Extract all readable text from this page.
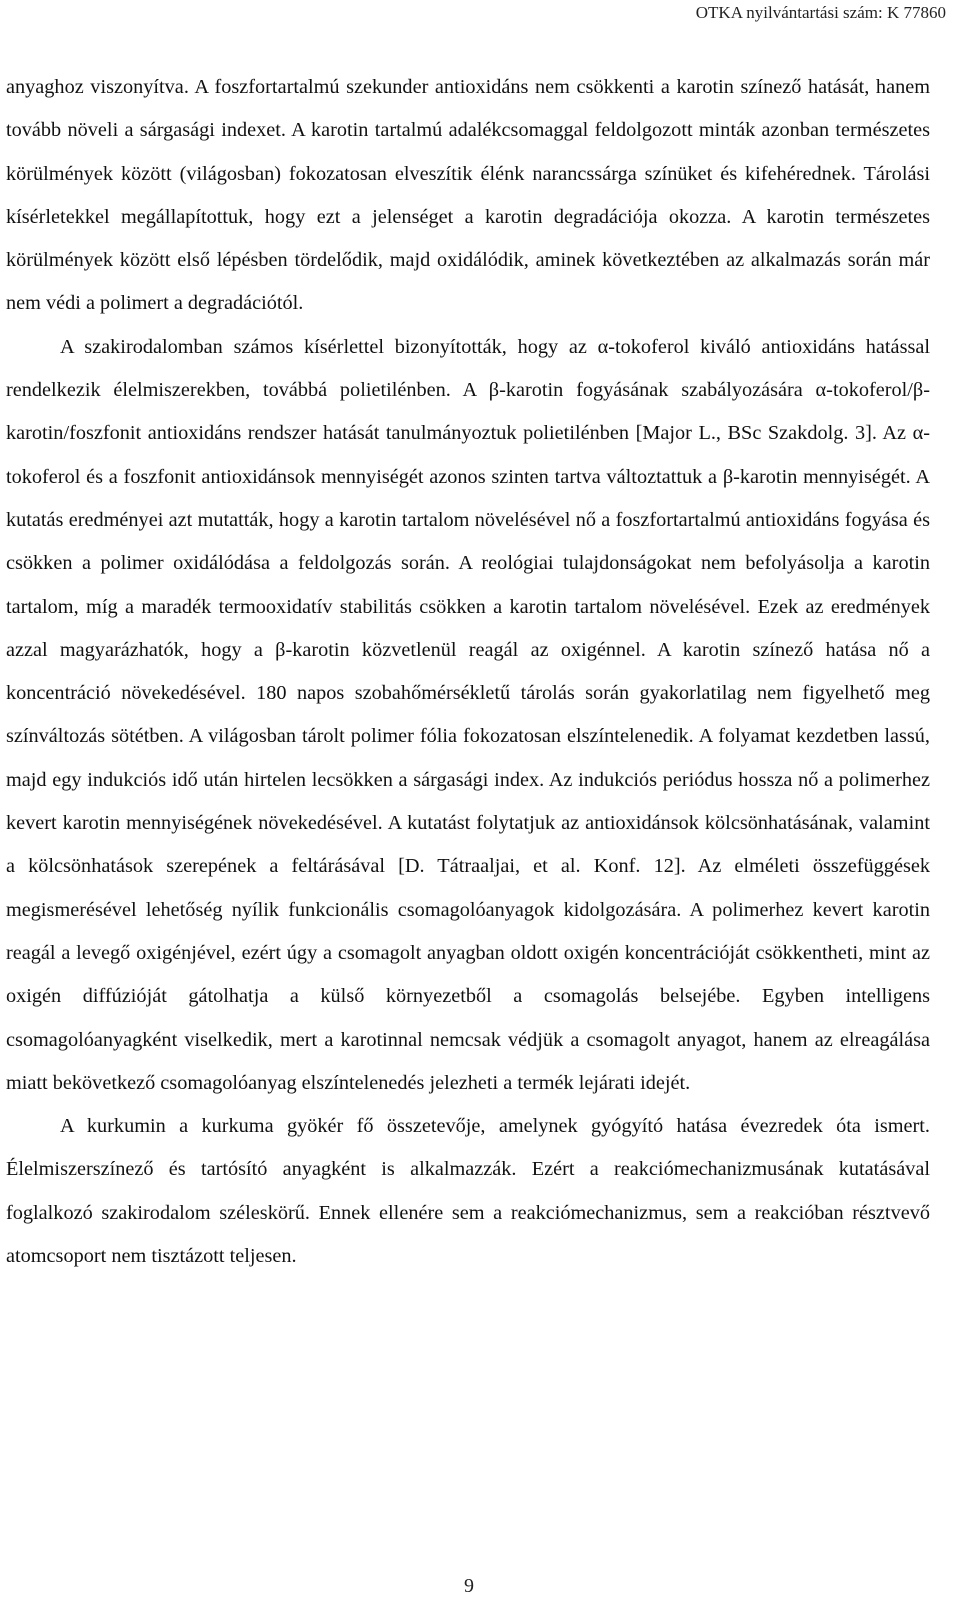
OTKA nyilvántartási szám: K 77860

anyaghoz viszonyítva. A foszfortartalmú szekunder antioxidáns nem csökkenti a karotin színező hatását, hanem tovább növeli a sárgasági indexet. A karotin tartalmú adalékcsomaggal feldolgozott minták azonban természetes körülmények között (világosban) fokozatosan elveszítik élénk narancssárga színüket és kifehérednek. Tárolási kísérletekkel megállapítottuk, hogy ezt a jelenséget a karotin degradációja okozza. A karotin természetes körülmények között első lépésben tördelődik, majd oxidálódik, aminek következtében az alkalmazás során már nem védi a polimert a degradációtól.

A szakirodalomban számos kísérlettel bizonyították, hogy az α-tokoferol kiváló antioxidáns hatással rendelkezik élelmiszerekben, továbbá polietilénben. A β-karotin fogyásának szabályozására α-tokoferol/β-karotin/foszfonit antioxidáns rendszer hatását tanulmányoztuk polietilénben [Major L., BSc Szakdolg. 3]. Az α-tokoferol és a foszfonit antioxidánsok mennyiségét azonos szinten tartva változtattuk a β-karotin mennyiségét. A kutatás eredményei azt mutatták, hogy a karotin tartalom növelésével nő a foszfortartalmú antioxidáns fogyása és csökken a polimer oxidálódása a feldolgozás során. A reológiai tulajdonságokat nem befolyásolja a karotin tartalom, míg a maradék termooxidatív stabilitás csökken a karotin tartalom növelésével. Ezek az eredmények azzal magyarázhatók, hogy a β-karotin közvetlenül reagál az oxigénnel. A karotin színező hatása nő a koncentráció növekedésével. 180 napos szobahőmérsékletű tárolás során gyakorlatilag nem figyelhető meg színváltozás sötétben. A világosban tárolt polimer fólia fokozatosan elszíntelenedik. A folyamat kezdetben lassú, majd egy indukciós idő után hirtelen lecsökken a sárgasági index. Az indukciós periódus hossza nő a polimerhez kevert karotin mennyiségének növekedésével. A kutatást folytatjuk az antioxidánsok kölcsönhatásának, valamint a kölcsönhatások szerepének a feltárásával [D. Tátraaljai, et al. Konf. 12]. Az elméleti összefüggések megismerésével lehetőség nyílik funkcionális csomagolóanyagok kidolgozására. A polimerhez kevert karotin reagál a levegő oxigénjével, ezért úgy a csomagolt anyagban oldott oxigén koncentrációját csökkentheti, mint az oxigén diffúzióját gátolhatja a külső környezetből a csomagolás belsejébe. Egyben intelligens csomagolóanyagként viselkedik, mert a karotinnal nemcsak védjük a csomagolt anyagot, hanem az elreagálása miatt bekövetkező csomagolóanyag elszíntelenedés jelezheti a termék lejárati idejét.

A kurkumin a kurkuma gyökér fő összetevője, amelynek gyógyító hatása évezredek óta ismert. Élelmiszerszínező és tartósító anyagként is alkalmazzák. Ezért a reakciómechanizmusának kutatásával foglalkozó szakirodalom széleskörű. Ennek ellenére sem a reakciómechanizmus, sem a reakcióban résztvevő atomcsoport nem tisztázott teljesen.

9
